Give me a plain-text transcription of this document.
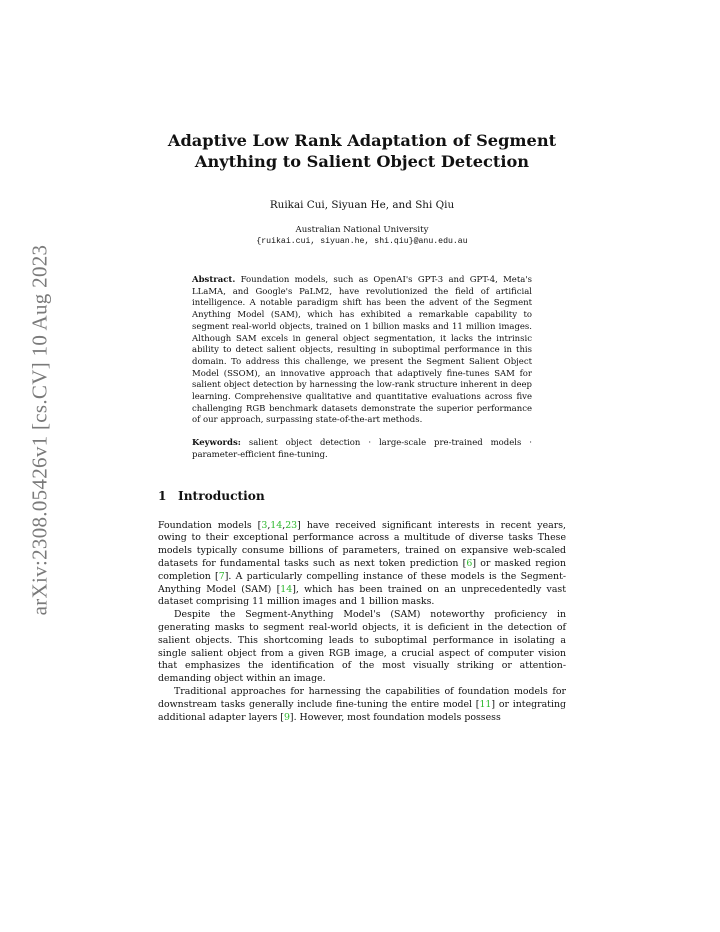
arXiv:2308.05426v1 [cs.CV] 10 Aug 2023
Adaptive Low Rank Adaptation of Segment
Anything to Salient Object Detection
Ruikai Cui, Siyuan He, and Shi Qiu
Australian National University
{ruikai.cui, siyuan.he, shi.qiu}@anu.edu.au
Abstract. Foundation models, such as OpenAI's GPT-3 and GPT-4, Meta's LLaMA, and Google's PaLM2, have revolutionized the field of artificial intelligence. A notable paradigm shift has been the advent of the Segment Anything Model (SAM), which has exhibited a remarkable capability to segment real-world objects, trained on 1 billion masks and 11 million images. Although SAM excels in general object segmentation, it lacks the intrinsic ability to detect salient objects, resulting in suboptimal performance in this domain. To address this challenge, we present the Segment Salient Object Model (SSOM), an innovative approach that adaptively fine-tunes SAM for salient object detection by harnessing the low-rank structure inherent in deep learning. Comprehensive qualitative and quantitative evaluations across five challenging RGB benchmark datasets demonstrate the superior performance of our approach, surpassing state-of-the-art methods.
Keywords: salient object detection · large-scale pre-trained models · parameter-efficient fine-tuning.
1 Introduction

Foundation models [3,14,23] have received significant interests in recent years, owing to their exceptional performance across a multitude of diverse tasks These models typically consume billions of parameters, trained on expansive web-scaled datasets for fundamental tasks such as next token prediction [6] or masked region completion [7]. A particularly compelling instance of these models is the Segment-Anything Model (SAM) [14], which has been trained on an unprecedentedly vast dataset comprising 11 million images and 1 billion masks.

Despite the Segment-Anything Model's (SAM) noteworthy proficiency in generating masks to segment real-world objects, it is deficient in the detection of salient objects. This shortcoming leads to suboptimal performance in isolating a single salient object from a given RGB image, a crucial aspect of computer vision that emphasizes the identification of the most visually striking or attention-demanding object within an image.

Traditional approaches for harnessing the capabilities of foundation models for downstream tasks generally include fine-tuning the entire model [11] or integrating additional adapter layers [9]. However, most foundation models possess
